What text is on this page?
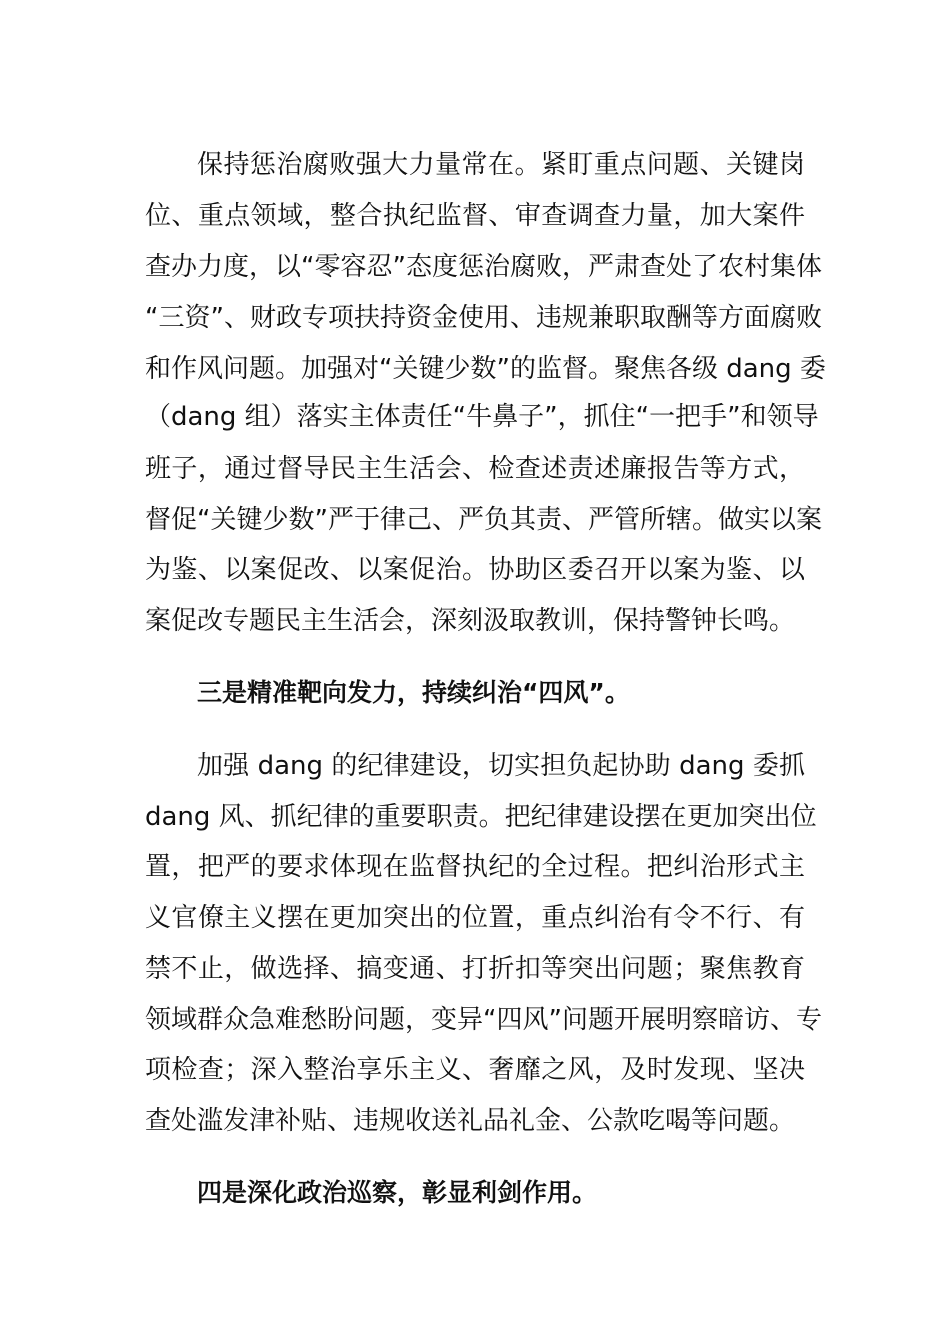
三是精准靶向发力，持续纠治“四风”。
四是深化政治巡察，彰显利剑作用。
保持惩治腐败强大力量常在。紧盯重点问题、关键岗
位、重点领域，整合执纪监督、审查调查力量，加大案件
查办力度，以“零容忍”态度惩治腐败，严肃查处了农村集体
“三资”、财政专项扶持资金使用、违规兼职取酬等方面腐败
和作风问题。加强对“关键少数”的监督。聚焦各级 dang 委
（dang 组）落实主体责任“牛鼻子”，抓住“一把手”和领导
班子，通过督导民主生活会、检查述责述廉报告等方式，
督促“关键少数”严于律己、严负其责、严管所辖。做实以案
为鉴、以案促改、以案促治。协助区委召开以案为鉴、以
案促改专题民主生活会，深刻汲取教训，保持警钟长鸣。
加强 dang 的纪律建设，切实担负起协助 dang 委抓
dang 风、抓纪律的重要职责。把纪律建设摆在更加突出位
置，把严的要求体现在监督执纪的全过程。把纠治形式主
义官僚主义摆在更加突出的位置，重点纠治有令不行、有
禁不止，做选择、搞变通、打折扣等突出问题；聚焦教育
领域群众急难愁盼问题，变异“四风”问题开展明察暗访、专
项检查；深入整治享乐主义、奢靡之风，及时发现、坚决
查处滥发津补贴、违规收送礼品礼金、公款吃喝等问题。
